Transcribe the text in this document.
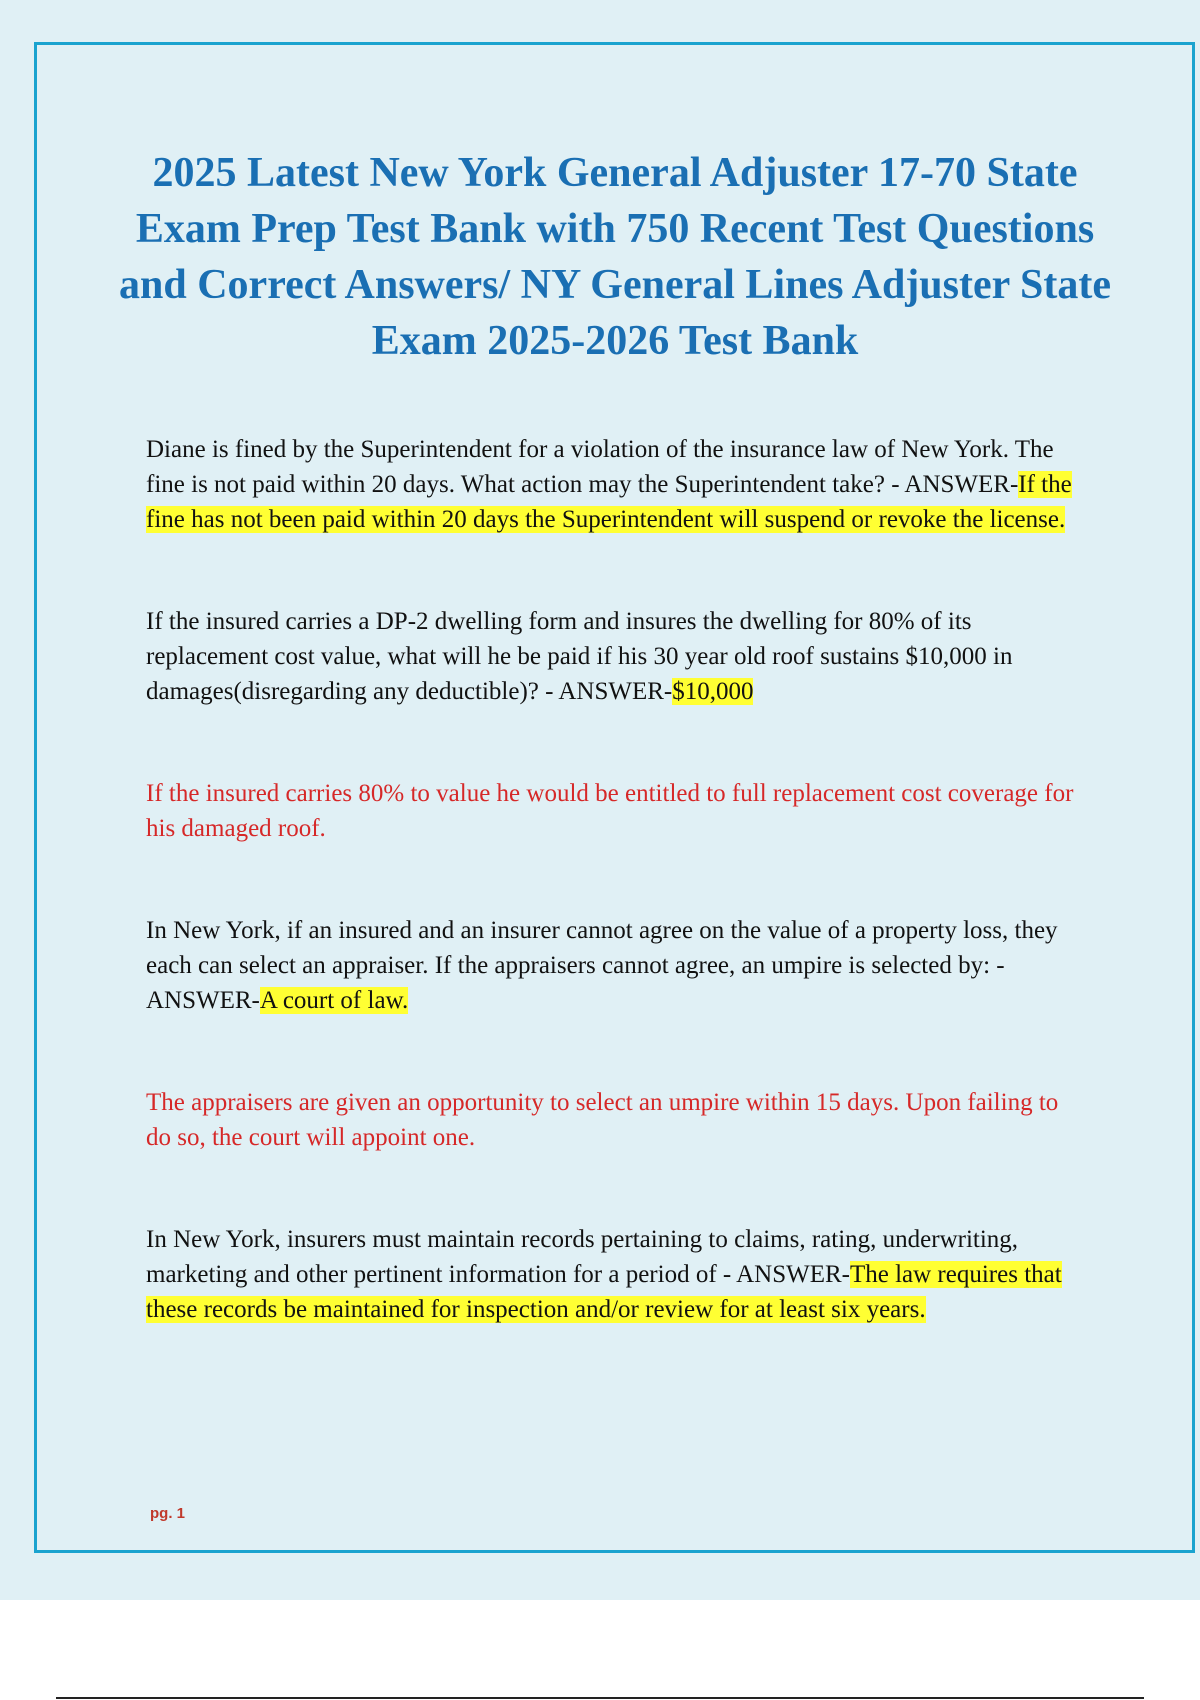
2025 Latest New York General Adjuster 17-70 State Exam Prep Test Bank with 750 Recent Test Questions and Correct Answers/ NY General Lines Adjuster State Exam 2025-2026 Test Bank

Diane is fined by the Superintendent for a violation of the insurance law of New York. The fine is not paid within 20 days. What action may the Superintendent take? - ANSWER-If the fine has not been paid within 20 days the Superintendent will suspend or revoke the license.

If the insured carries a DP-2 dwelling form and insures the dwelling for 80% of its replacement cost value, what will he be paid if his 30 year old roof sustains $10,000 in damages(disregarding any deductible)? - ANSWER-$10,000

If the insured carries 80% to value he would be entitled to full replacement cost coverage for his damaged roof.

In New York, if an insured and an insurer cannot agree on the value of a property loss, they each can select an appraiser. If the appraisers cannot agree, an umpire is selected by: - ANSWER-A court of law.

The appraisers are given an opportunity to select an umpire within 15 days. Upon failing to do so, the court will appoint one.

In New York, insurers must maintain records pertaining to claims, rating, underwriting, marketing and other pertinent information for a period of - ANSWER-The law requires that these records be maintained for inspection and/or review for at least six years.

pg. 1
